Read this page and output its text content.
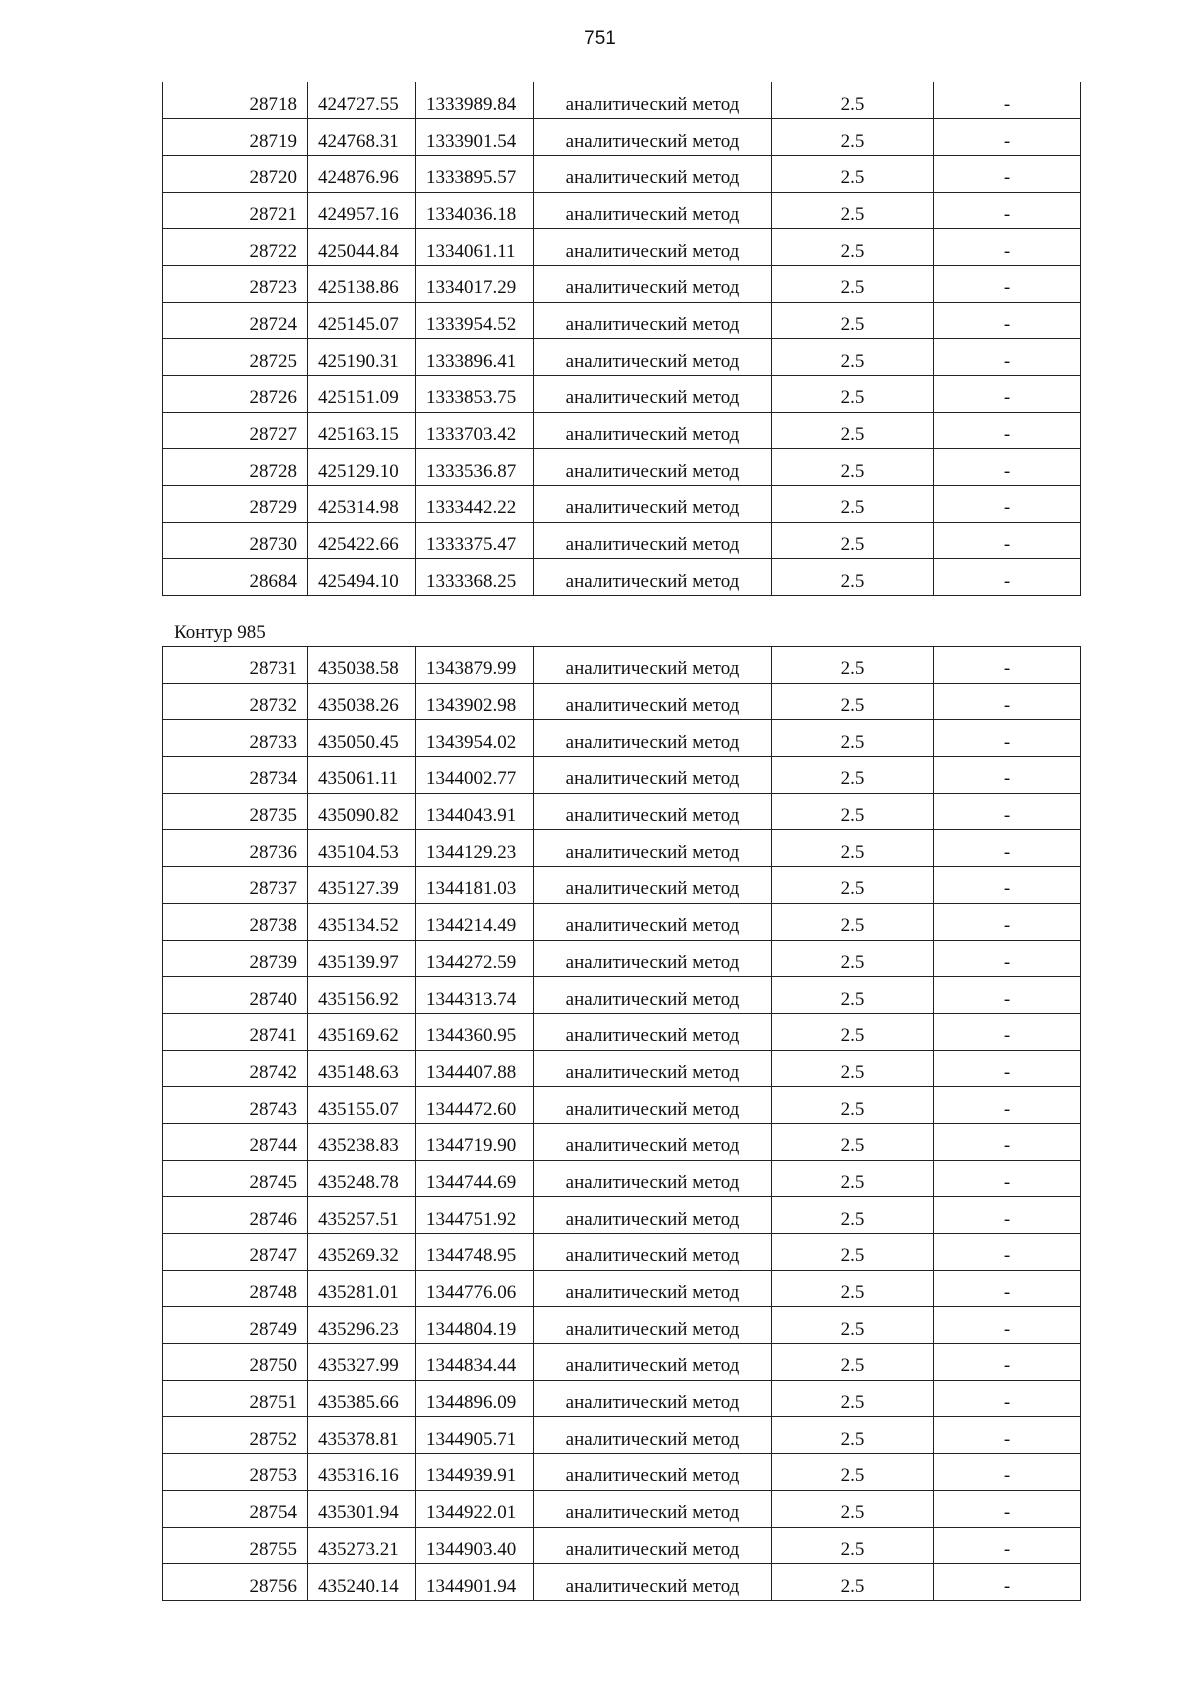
751
28718	424727.55	1333989.84	аналитический метод	2.5	-
28719	424768.31	1333901.54	аналитический метод	2.5	-
28720	424876.96	1333895.57	аналитический метод	2.5	-
28721	424957.16	1334036.18	аналитический метод	2.5	-
28722	425044.84	1334061.11	аналитический метод	2.5	-
28723	425138.86	1334017.29	аналитический метод	2.5	-
28724	425145.07	1333954.52	аналитический метод	2.5	-
28725	425190.31	1333896.41	аналитический метод	2.5	-
28726	425151.09	1333853.75	аналитический метод	2.5	-
28727	425163.15	1333703.42	аналитический метод	2.5	-
28728	425129.10	1333536.87	аналитический метод	2.5	-
28729	425314.98	1333442.22	аналитический метод	2.5	-
28730	425422.66	1333375.47	аналитический метод	2.5	-
28684	425494.10	1333368.25	аналитический метод	2.5	-
Контур 985
28731	435038.58	1343879.99	аналитический метод	2.5	-
28732	435038.26	1343902.98	аналитический метод	2.5	-
28733	435050.45	1343954.02	аналитический метод	2.5	-
28734	435061.11	1344002.77	аналитический метод	2.5	-
28735	435090.82	1344043.91	аналитический метод	2.5	-
28736	435104.53	1344129.23	аналитический метод	2.5	-
28737	435127.39	1344181.03	аналитический метод	2.5	-
28738	435134.52	1344214.49	аналитический метод	2.5	-
28739	435139.97	1344272.59	аналитический метод	2.5	-
28740	435156.92	1344313.74	аналитический метод	2.5	-
28741	435169.62	1344360.95	аналитический метод	2.5	-
28742	435148.63	1344407.88	аналитический метод	2.5	-
28743	435155.07	1344472.60	аналитический метод	2.5	-
28744	435238.83	1344719.90	аналитический метод	2.5	-
28745	435248.78	1344744.69	аналитический метод	2.5	-
28746	435257.51	1344751.92	аналитический метод	2.5	-
28747	435269.32	1344748.95	аналитический метод	2.5	-
28748	435281.01	1344776.06	аналитический метод	2.5	-
28749	435296.23	1344804.19	аналитический метод	2.5	-
28750	435327.99	1344834.44	аналитический метод	2.5	-
28751	435385.66	1344896.09	аналитический метод	2.5	-
28752	435378.81	1344905.71	аналитический метод	2.5	-
28753	435316.16	1344939.91	аналитический метод	2.5	-
28754	435301.94	1344922.01	аналитический метод	2.5	-
28755	435273.21	1344903.40	аналитический метод	2.5	-
28756	435240.14	1344901.94	аналитический метод	2.5	-
